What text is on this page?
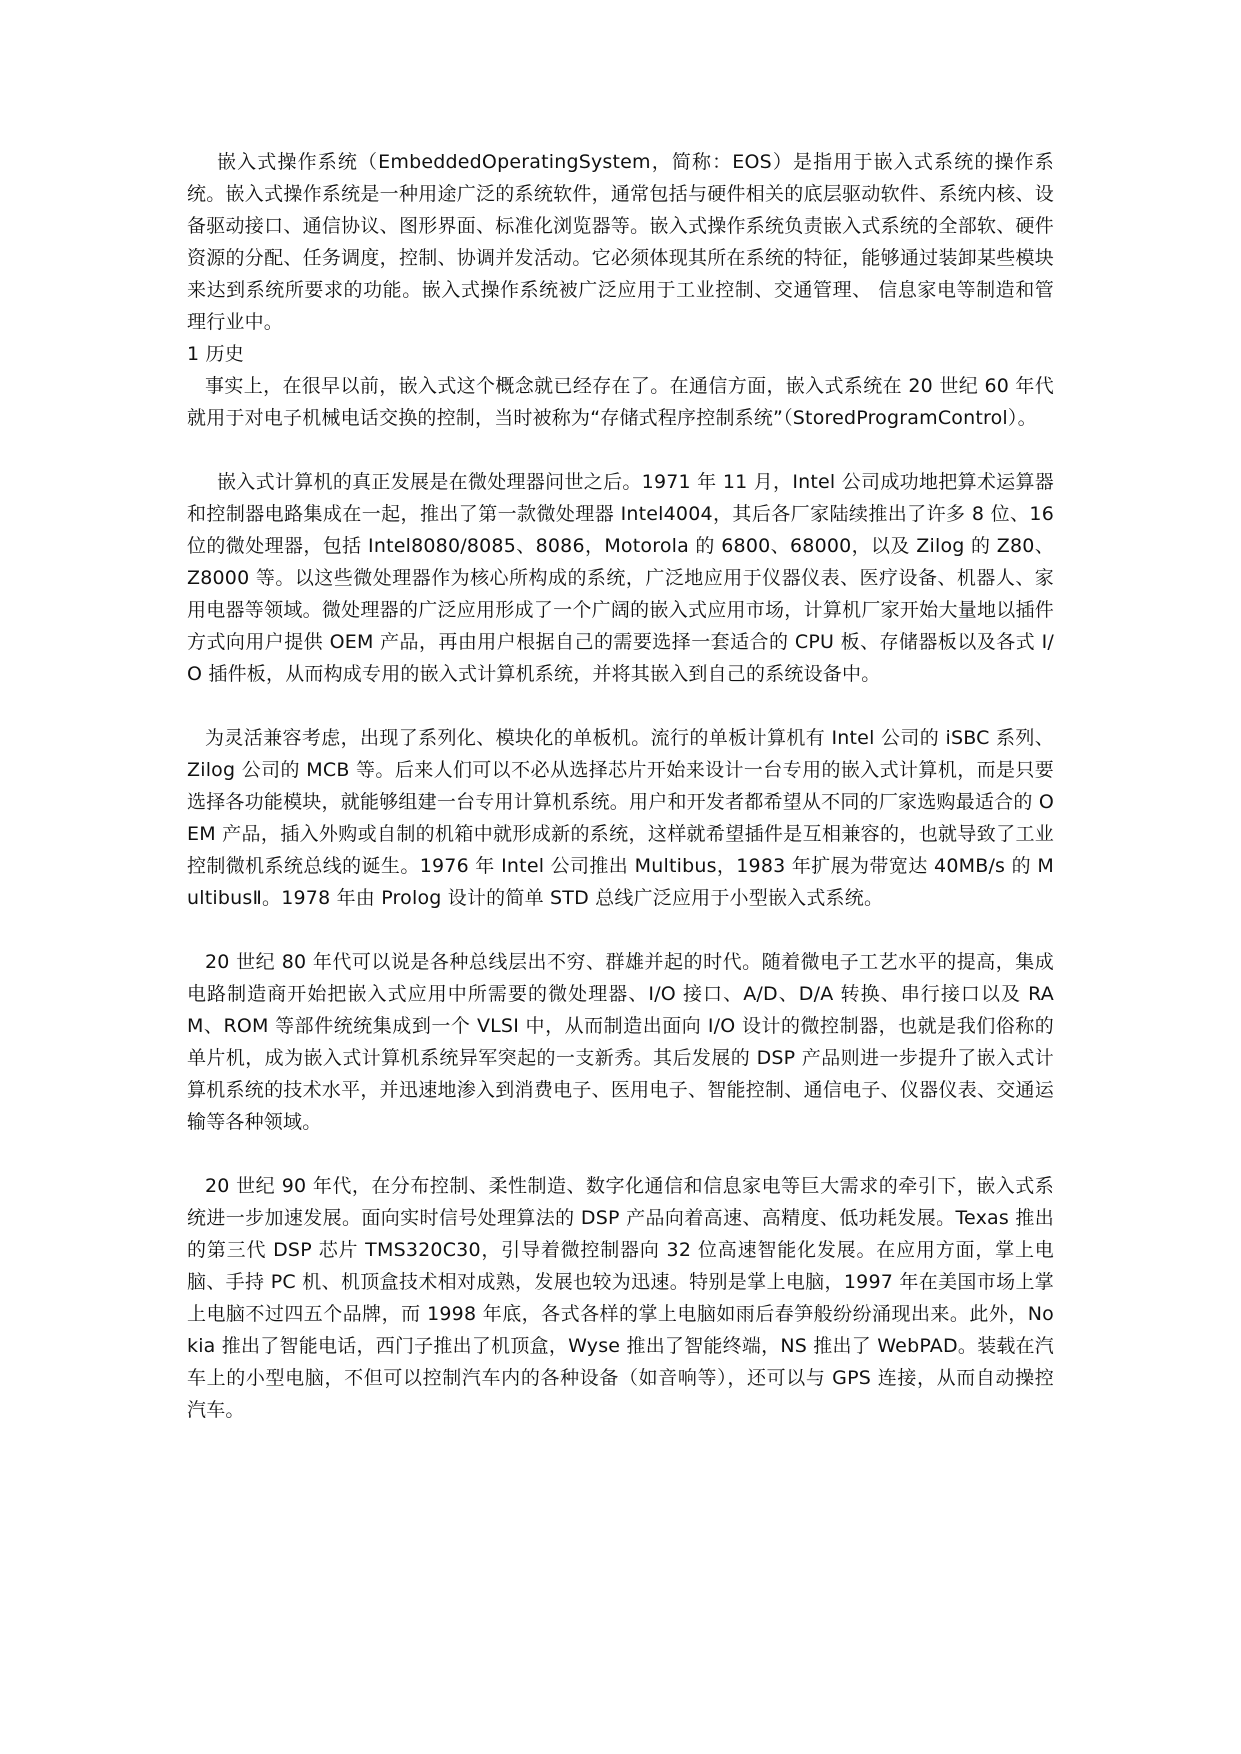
嵌入式操作系统（EmbeddedOperatingSystem，简称：EOS）是指用于嵌入式系统的操作系统。嵌入式操作系统是一种用途广泛的系统软件，通常包括与硬件相关的底层驱动软件、系统内核、设备驱动接口、通信协议、图形界面、标准化浏览器等。嵌入式操作系统负责嵌入式系统的全部软、硬件资源的分配、任务调度，控制、协调并发活动。它必须体现其所在系统的特征，能够通过装卸某些模块来达到系统所要求的功能。嵌入式操作系统被广泛应用于工业控制、交通管理、 信息家电等制造和管理行业中。

1 历史

事实上，在很早以前，嵌入式这个概念就已经存在了。在通信方面，嵌入式系统在 20 世纪 60 年代就用于对电子机械电话交换的控制，当时被称为“存储式程序控制系统”（StoredProgramControl）。

嵌入式计算机的真正发展是在微处理器问世之后。1971 年 11 月，Intel 公司成功地把算术运算器和控制器电路集成在一起，推出了第一款微处理器 Intel4004，其后各厂家陆续推出了许多 8 位、16 位的微处理器，包括 Intel8080/8085、8086，Motorola 的 6800、68000，以及 Zilog 的 Z80、Z8000 等。以这些微处理器作为核心所构成的系统，广泛地应用于仪器仪表、医疗设备、机器人、家用电器等领域。微处理器的广泛应用形成了一个广阔的嵌入式应用市场，计算机厂家开始大量地以插件方式向用户提供 OEM 产品，再由用户根据自己的需要选择一套适合的 CPU 板、存储器板以及各式 I/O 插件板，从而构成专用的嵌入式计算机系统，并将其嵌入到自己的系统设备中。

为灵活兼容考虑，出现了系列化、模块化的单板机。流行的单板计算机有 Intel 公司的 iSBC 系列、Zilog 公司的 MCB 等。后来人们可以不必从选择芯片开始来设计一台专用的嵌入式计算机，而是只要选择各功能模块，就能够组建一台专用计算机系统。用户和开发者都希望从不同的厂家选购最适合的 OEM 产品，插入外购或自制的机箱中就形成新的系统，这样就希望插件是互相兼容的，也就导致了工业控制微机系统总线的诞生。1976 年 Intel 公司推出 Multibus，1983 年扩展为带宽达 40MB/s 的 MultibusⅡ。1978 年由 Prolog 设计的简单 STD 总线广泛应用于小型嵌入式系统。

20 世纪 80 年代可以说是各种总线层出不穷、群雄并起的时代。随着微电子工艺水平的提高，集成电路制造商开始把嵌入式应用中所需要的微处理器、I/O 接口、A/D、D/A 转换、串行接口以及 RAM、ROM 等部件统统集成到一个 VLSI 中，从而制造出面向 I/O 设计的微控制器，也就是我们俗称的单片机，成为嵌入式计算机系统异军突起的一支新秀。其后发展的 DSP 产品则进一步提升了嵌入式计算机系统的技术水平，并迅速地渗入到消费电子、医用电子、智能控制、通信电子、仪器仪表、交通运输等各种领域。

20 世纪 90 年代，在分布控制、柔性制造、数字化通信和信息家电等巨大需求的牵引下，嵌入式系统进一步加速发展。面向实时信号处理算法的 DSP 产品向着高速、高精度、低功耗发展。Texas 推出的第三代 DSP 芯片 TMS320C30，引导着微控制器向 32 位高速智能化发展。在应用方面，掌上电脑、手持 PC 机、机顶盒技术相对成熟，发展也较为迅速。特别是掌上电脑，1997 年在美国市场上掌上电脑不过四五个品牌，而 1998 年底，各式各样的掌上电脑如雨后春笋般纷纷涌现出来。此外，Nokia 推出了智能电话，西门子推出了机顶盒，Wyse 推出了智能终端，NS 推出了 WebPAD。装载在汽车上的小型电脑，不但可以控制汽车内的各种设备（如音响等），还可以与 GPS 连接，从而自动操控汽车。
